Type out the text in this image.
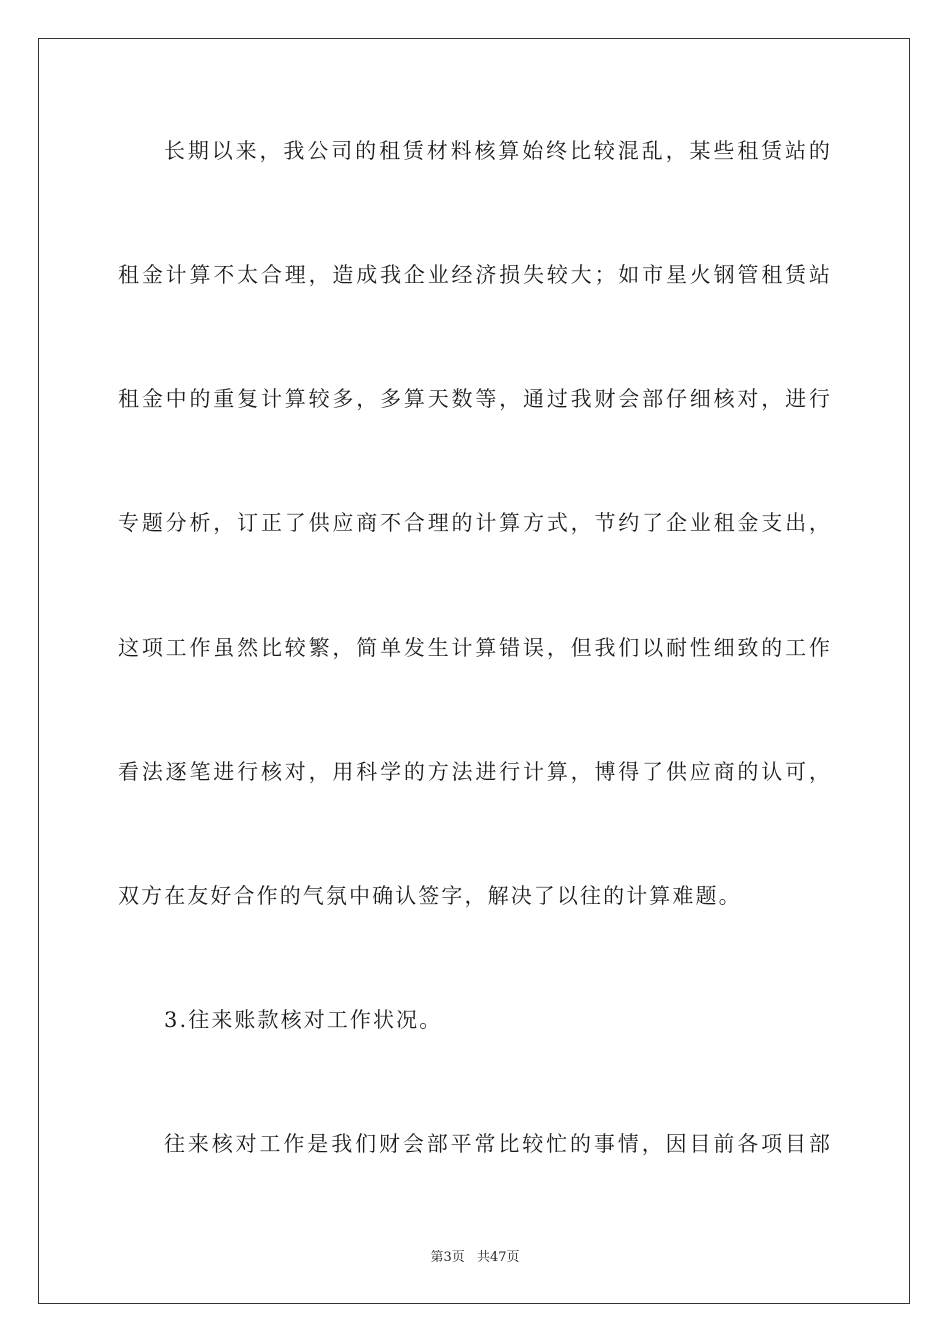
长期以来，我公司的租赁材料核算始终比较混乱，某些租赁站的
租金计算不太合理，造成我企业经济损失较大；如市星火钢管租赁站
租金中的重复计算较多，多算天数等，通过我财会部仔细核对，进行
专题分析，订正了供应商不合理的计算方式，节约了企业租金支出，
这项工作虽然比较繁，简单发生计算错误，但我们以耐性细致的工作
看法逐笔进行核对，用科学的方法进行计算，博得了供应商的认可，
双方在友好合作的气氛中确认签字，解决了以往的计算难题。
3.往来账款核对工作状况。
往来核对工作是我们财会部平常比较忙的事情，因目前各项目部
第3页 共47页
